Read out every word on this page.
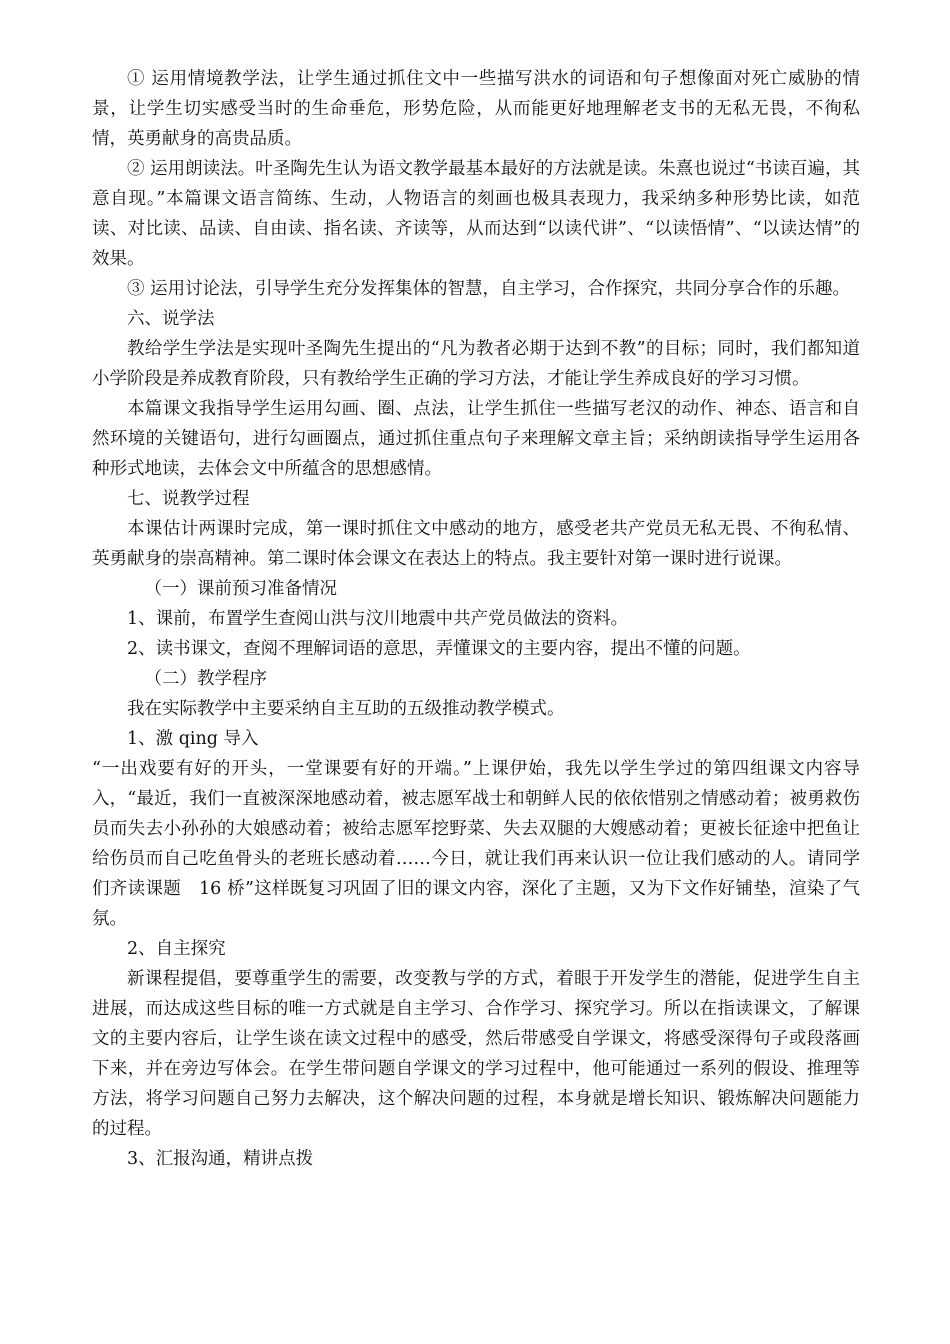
① 运用情境教学法，让学生通过抓住文中一些描写洪水的词语和句子想像面对死亡威胁的情景，让学生切实感受当时的生命垂危，形势危险，从而能更好地理解老支书的无私无畏，不徇私情，英勇献身的高贵品质。

② 运用朗读法。叶圣陶先生认为语文教学最基本最好的方法就是读。朱熹也说过“书读百遍，其意自现。”本篇课文语言简练、生动，人物语言的刻画也极具表现力，我采纳多种形势比读，如范读、对比读、品读、自由读、指名读、齐读等，从而达到“以读代讲”、“以读悟情”、“以读达情”的效果。

③ 运用讨论法，引导学生充分发挥集体的智慧，自主学习，合作探究，共同分享合作的乐趣。

六、说学法

教给学生学法是实现叶圣陶先生提出的“凡为教者必期于达到不教”的目标；同时，我们都知道小学阶段是养成教育阶段，只有教给学生正确的学习方法，才能让学生养成良好的学习习惯。

本篇课文我指导学生运用勾画、圈、点法，让学生抓住一些描写老汉的动作、神态、语言和自然环境的关键语句，进行勾画圈点，通过抓住重点句子来理解文章主旨；采纳朗读指导学生运用各种形式地读，去体会文中所蕴含的思想感情。

七、说教学过程

本课估计两课时完成，第一课时抓住文中感动的地方，感受老共产党员无私无畏、不徇私情、英勇献身的崇高精神。第二课时体会课文在表达上的特点。我主要针对第一课时进行说课。

（一）课前预习准备情况

1、课前，布置学生查阅山洪与汶川地震中共产党员做法的资料。

2、读书课文，查阅不理解词语的意思，弄懂课文的主要内容，提出不懂的问题。

（二）教学程序

我在实际教学中主要采纳自主互助的五级推动教学模式。

1、激 qing 导入

“一出戏要有好的开头，一堂课要有好的开端。”上课伊始，我先以学生学过的第四组课文内容导入，“最近，我们一直被深深地感动着，被志愿军战士和朝鲜人民的依依惜别之情感动着；被勇救伤员而失去小孙孙的大娘感动着；被给志愿军挖野菜、失去双腿的大嫂感动着；更被长征途中把鱼让给伤员而自己吃鱼骨头的老班长感动着……今日，就让我们再来认识一位让我们感动的人。请同学们齐读课题　16 桥”这样既复习巩固了旧的课文内容，深化了主题，又为下文作好铺垫，渲染了气氛。

2、自主探究

新课程提倡，要尊重学生的需要，改变教与学的方式，着眼于开发学生的潜能，促进学生自主进展，而达成这些目标的唯一方式就是自主学习、合作学习、探究学习。所以在指读课文，了解课文的主要内容后，让学生谈在读文过程中的感受，然后带感受自学课文，将感受深得句子或段落画下来，并在旁边写体会。在学生带问题自学课文的学习过程中，他可能通过一系列的假设、推理等方法，将学习问题自己努力去解决，这个解决问题的过程，本身就是增长知识、锻炼解决问题能力的过程。

3、汇报沟通，精讲点拨
